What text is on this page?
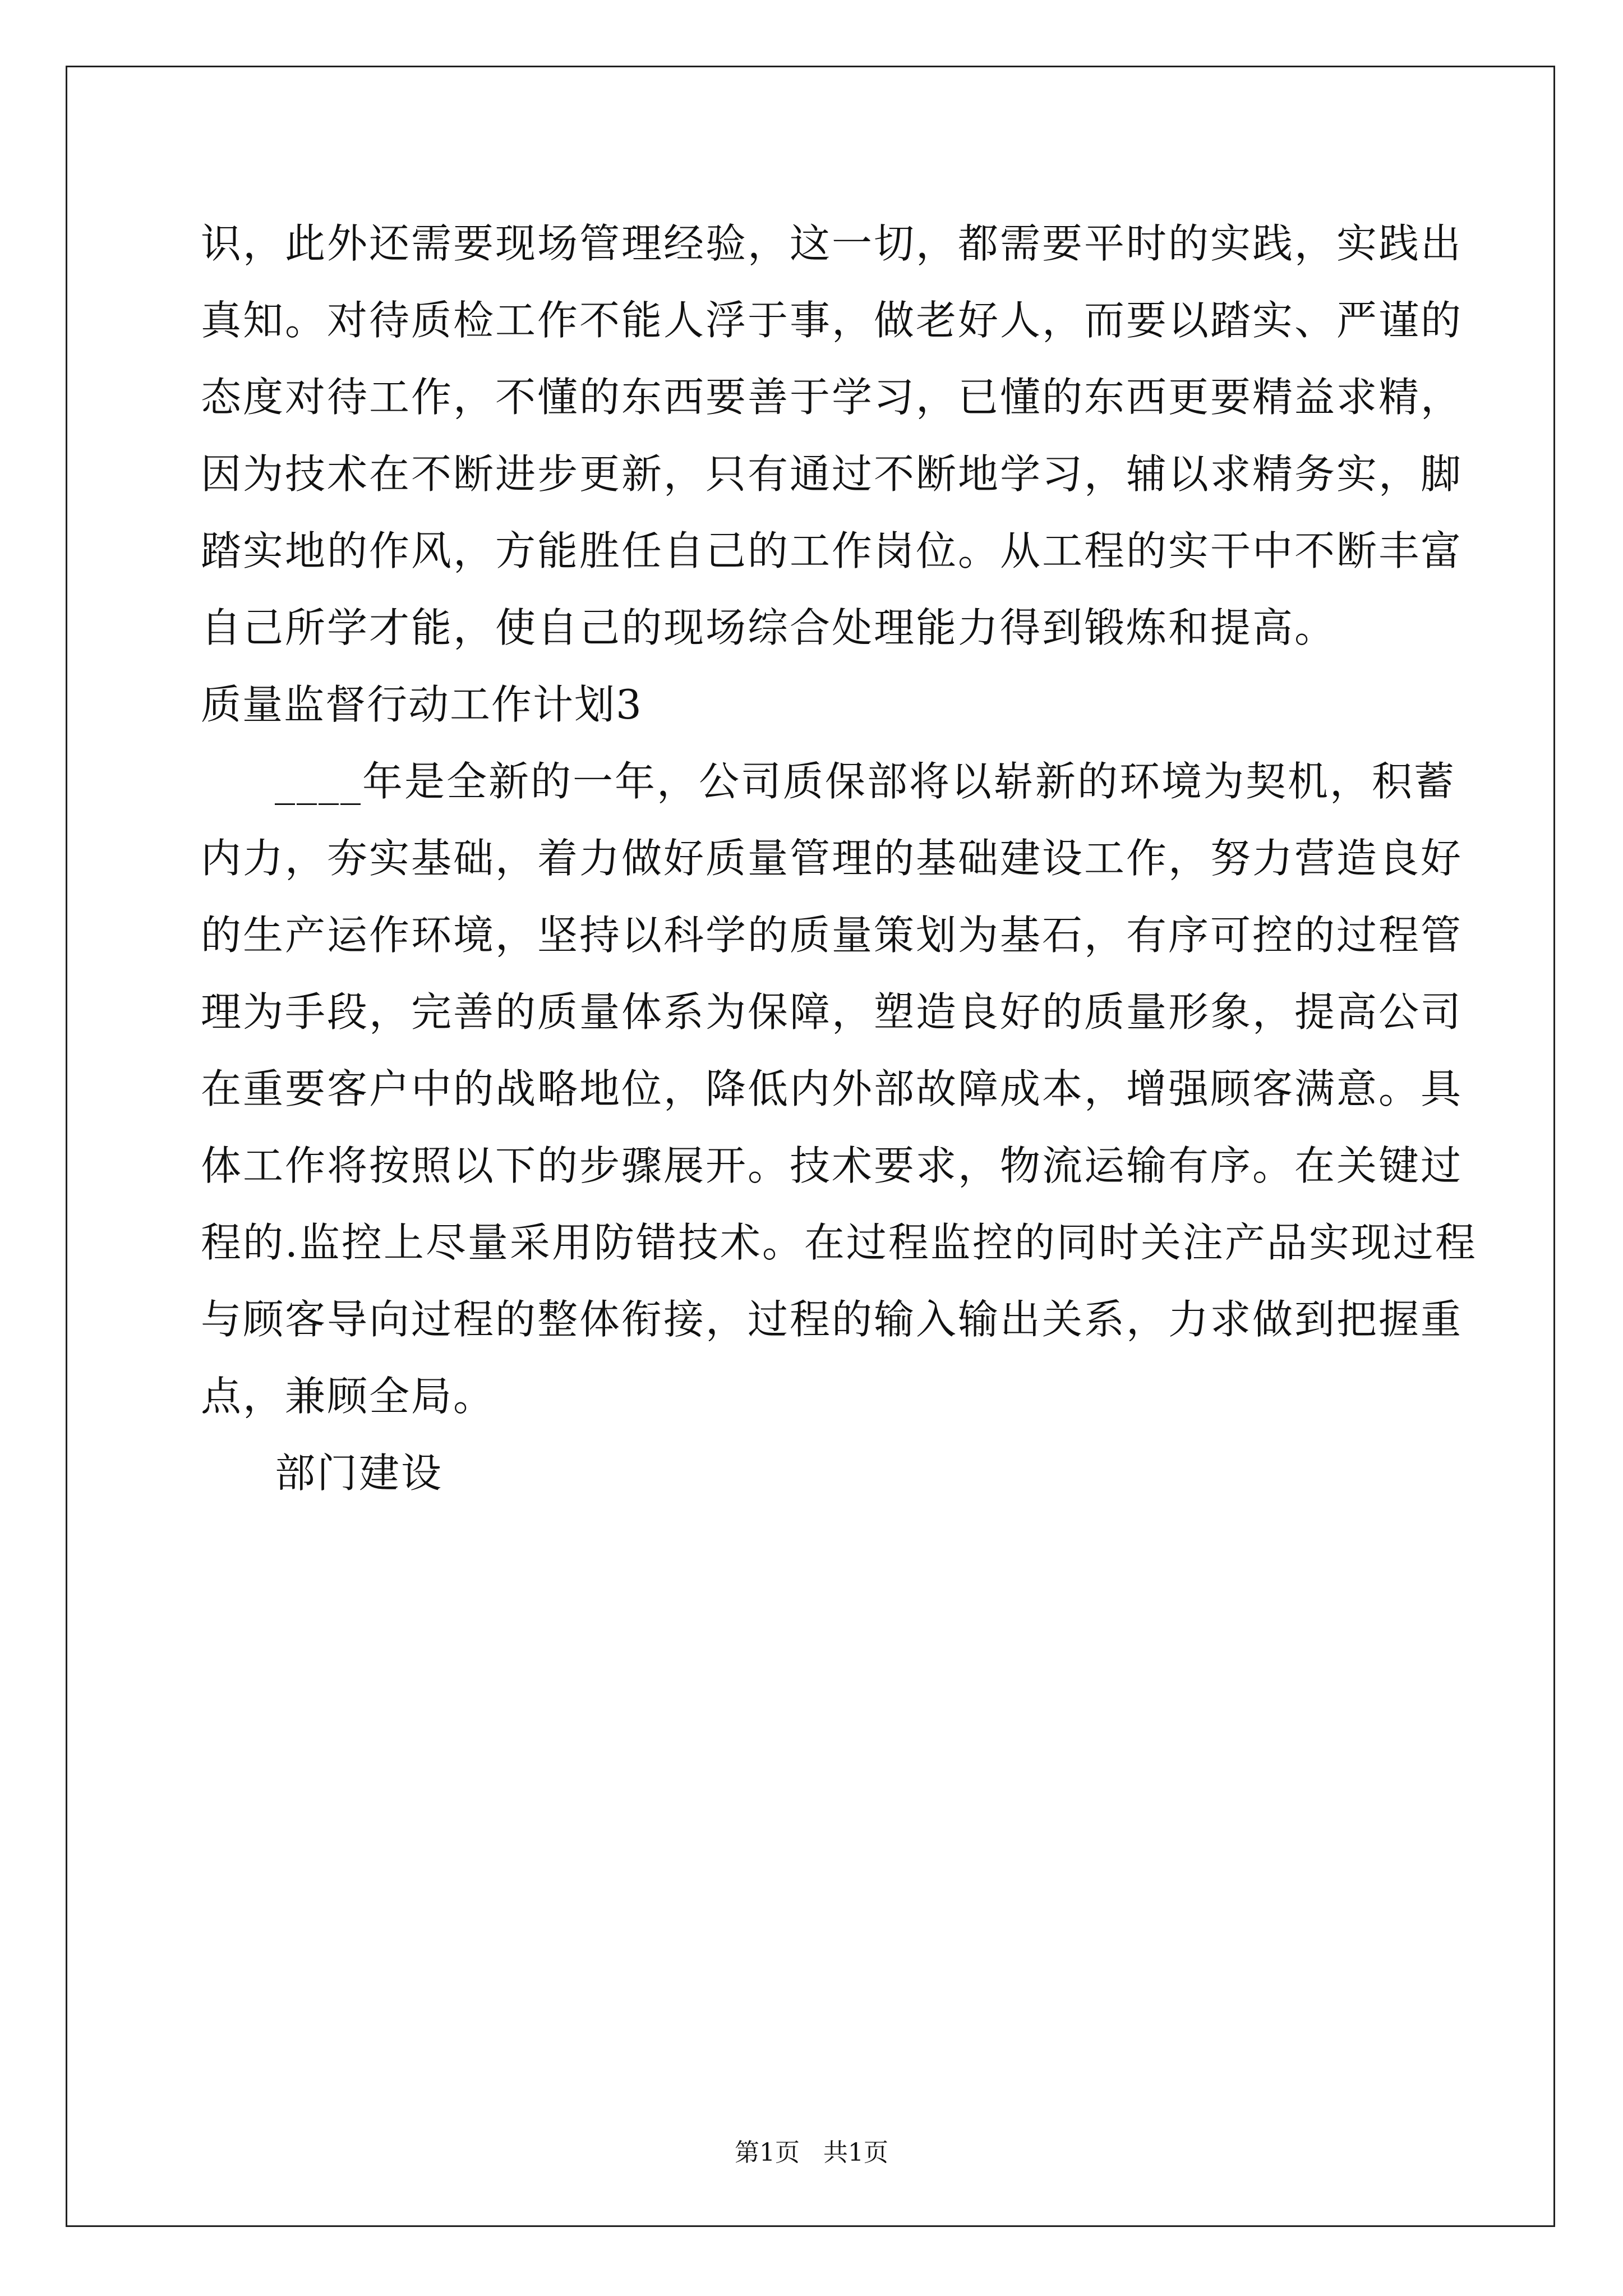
识，此外还需要现场管理经验，这一切，都需要平时的实践，实践出
真知。对待质检工作不能人浮于事，做老好人，而要以踏实、严谨的
态度对待工作，不懂的东西要善于学习，已懂的东西更要精益求精，
因为技术在不断进步更新，只有通过不断地学习，辅以求精务实，脚
踏实地的作风，方能胜任自己的工作岗位。从工程的实干中不断丰富
自己所学才能，使自己的现场综合处理能力得到锻炼和提高。
质量监督行动工作计划3
____年是全新的一年，公司质保部将以崭新的环境为契机，积蓄
内力，夯实基础，着力做好质量管理的基础建设工作，努力营造良好
的生产运作环境，坚持以科学的质量策划为基石，有序可控的过程管
理为手段，完善的质量体系为保障，塑造良好的质量形象，提高公司
在重要客户中的战略地位，降低内外部故障成本，增强顾客满意。具
体工作将按照以下的步骤展开。技术要求，物流运输有序。在关键过
程的.监控上尽量采用防错技术。在过程监控的同时关注产品实现过程
与顾客导向过程的整体衔接，过程的输入输出关系，力求做到把握重
点，兼顾全局。
部门建设
第1页 共1页
